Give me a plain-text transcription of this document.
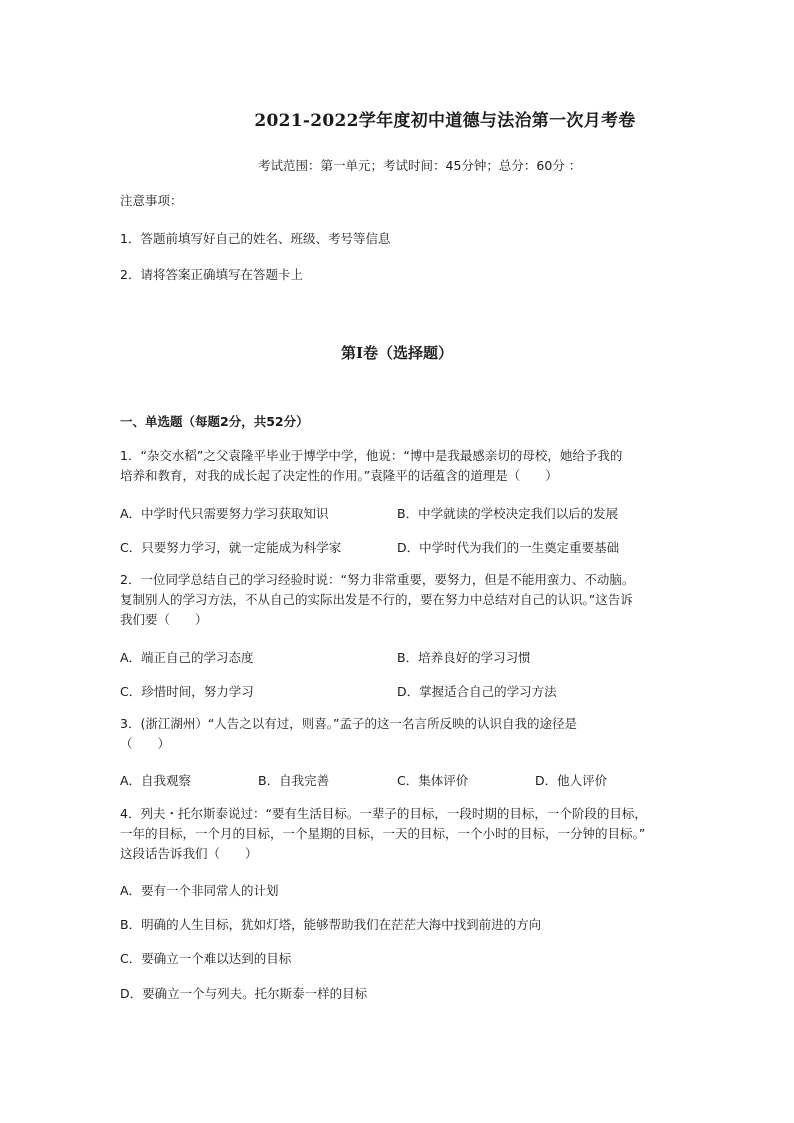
2021-2022学年度初中道德与法治第一次月考卷
考试范围：第一单元；考试时间：45分钟；总分：60分 ：
注意事项：
1．答题前填写好自己的姓名、班级、考号等信息
2．请将答案正确填写在答题卡上
第I卷（选择题）
一、单选题（每题2分，共52分）
1．“杂交水稻”之父袁隆平毕业于博学中学，他说：“博中是我最感亲切的母校，她给予我的
培养和教育，对我的成长起了决定性的作用。”袁隆平的话蕴含的道理是（　　）
A．中学时代只需要努力学习获取知识	B．中学就读的学校决定我们以后的发展
C．只要努力学习，就一定能成为科学家	D．中学时代为我们的一生奠定重要基础
2．一位同学总结自己的学习经验时说：“努力非常重要，要努力，但是不能用蛮力、不动脑。
复制别人的学习方法，不从自己的实际出发是不行的，要在努力中总结对自己的认识。”这告诉
我们要（　　）
A．端正自己的学习态度	B．培养良好的学习习惯
C．珍惜时间，努力学习	D．掌握适合自己的学习方法
3．(浙江湖州）“人告之以有过，则喜。”孟子的这一名言所反映的认识自我的途径是
（　　）
A．自我观察	B．自我完善	C．集体评价	D．他人评价
4．列夫・托尔斯泰说过：“要有生活目标。一辈子的目标，一段时期的目标，一个阶段的目标，
一年的目标，一个月的目标，一个星期的目标，一天的目标，一个小时的目标，一分钟的目标。”
这段话告诉我们（　　）
A．要有一个非同常人的计划
B．明确的人生目标，犹如灯塔，能够帮助我们在茫茫大海中找到前进的方向
C．要确立一个难以达到的目标
D．要确立一个与列夫。托尔斯泰一样的目标
